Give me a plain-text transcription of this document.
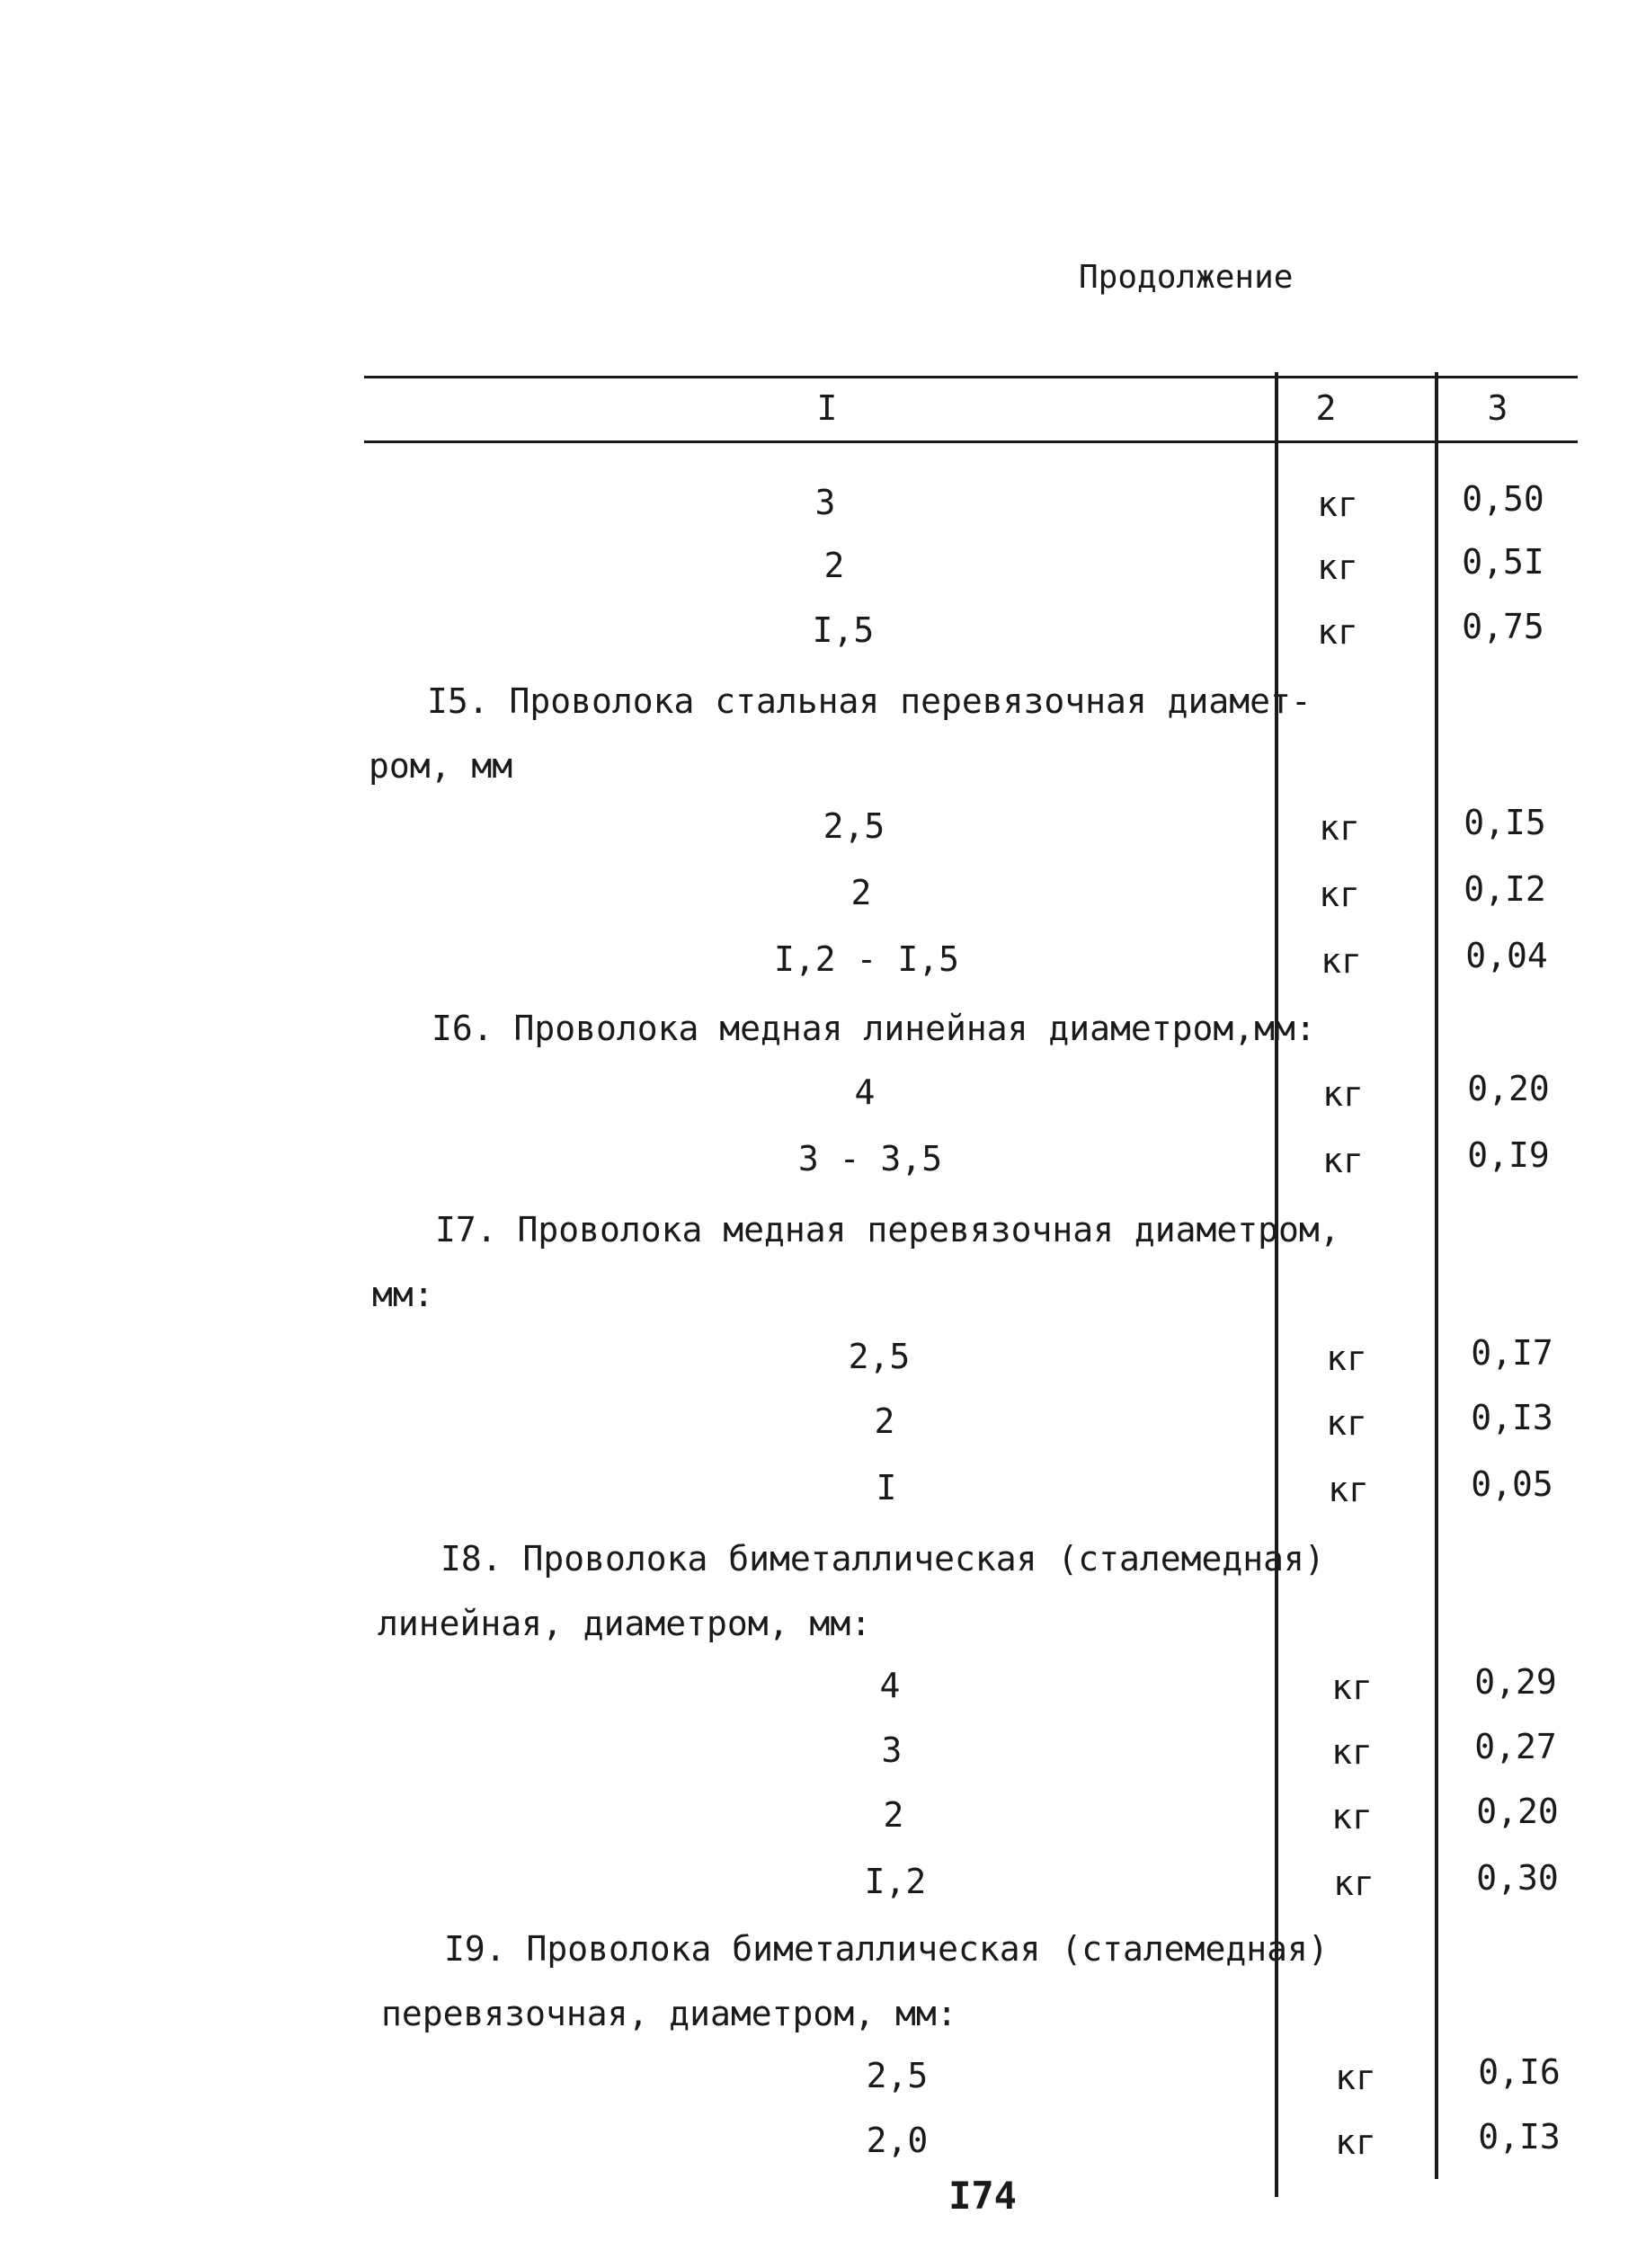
Продолжение
I	2	3
3	кг	0,50
2	кг	0,5I
I,5	кг	0,75
I5. Проволока стальная перевязочная диамет-
ром, мм
2,5	кг	0,I5
2	кг	0,I2
I,2 - I,5	кг	0,04
I6. Проволока медная линейная диаметром,мм:
4	кг	0,20
3 - 3,5	кг	0,I9
I7. Проволока медная перевязочная диаметром,
мм:
2,5	кг	0,I7
2	кг	0,I3
I	кг	0,05
I8. Проволока биметаллическая (сталемедная)
линейная, диаметром, мм:
4	кг	0,29
3	кг	0,27
2	кг	0,20
I,2	кг	0,30
I9. Проволока биметаллическая (сталемедная)
перевязочная, диаметром, мм:
2,5	кг	0,I6
2,0	кг	0,I3
I74
